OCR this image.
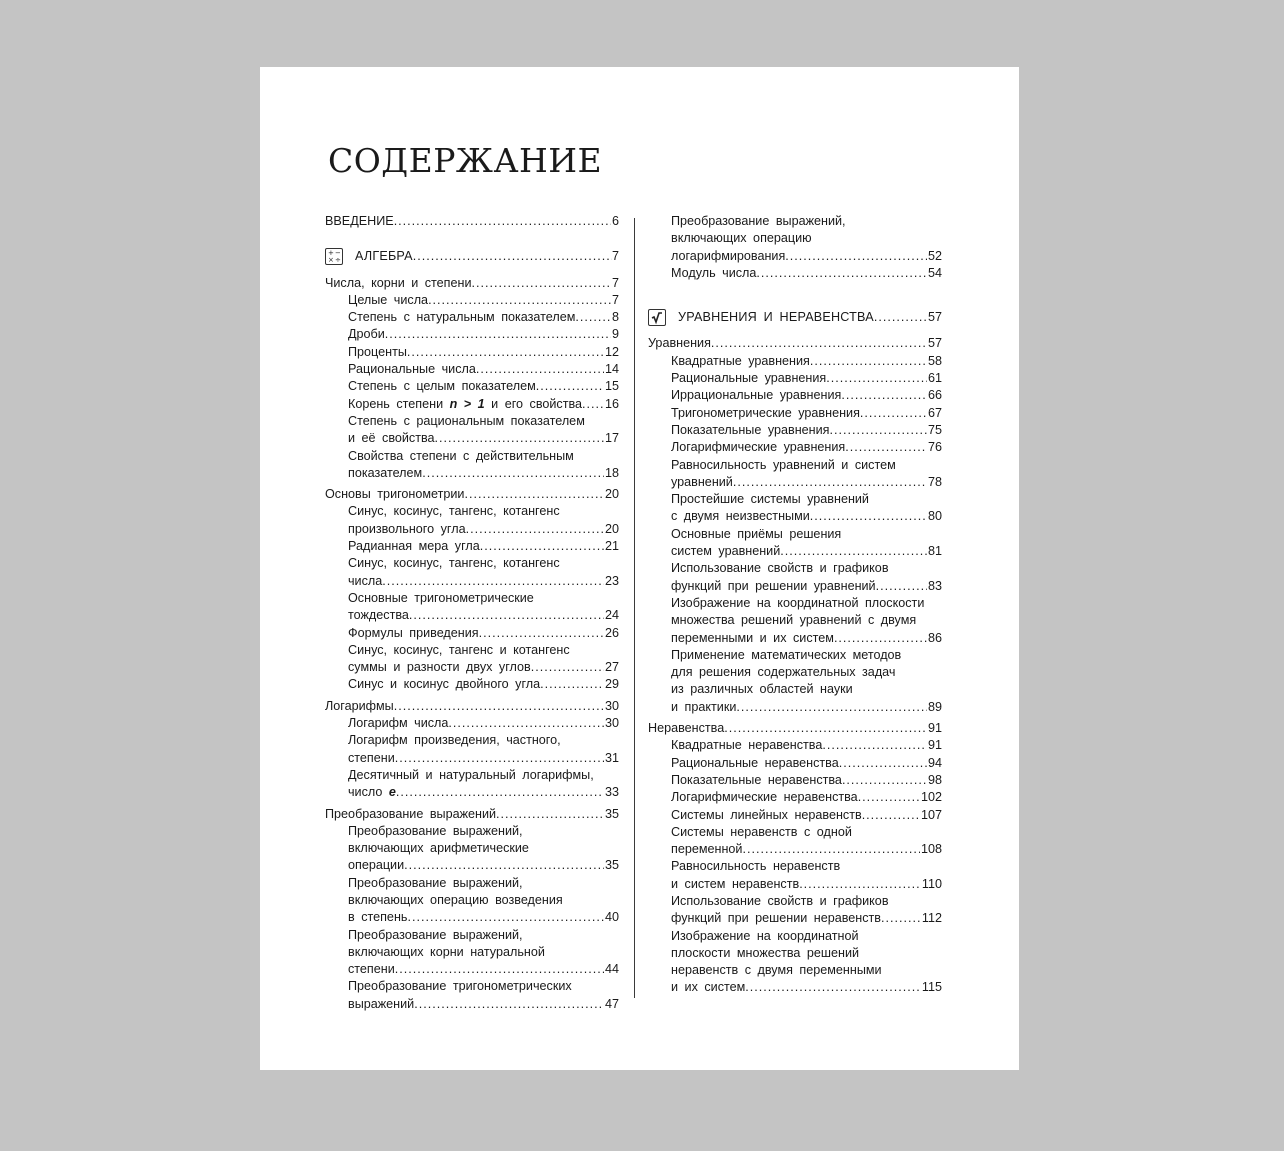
СОДЕРЖАНИЕ
ВВЕДЕНИЕ .....	6
+ −
× ÷ АЛГЕБРА .....	7
Числа, корни и степени .....	7
Целые числа .....	7
Степень с натуральным показателем .....	8
Дроби .....	9
Проценты .....	12
Рациональные числа .....	14
Степень с целым показателем .....	15
Корень степени n > 1 и его свойства ..... 16
Степень с рациональным показателем
и её свойства .....	17
Свойства степени с действительным
показателем .....	18
Основы тригонометрии .....	20
Синус, косинус, тангенс, котангенс
произвольного угла .....	20
Радианная мера угла .....	21
Синус, косинус, тангенс, котангенс
числа .....	23
Основные тригонометрические
тождества .....	24
Формулы приведения .....	26
Синус, косинус, тангенс и котангенс
суммы и разности двух углов .....	27
Синус и косинус двойного угла .....	29
Логарифмы .....	30
Логарифм числа .....	30
Логарифм произведения, частного,
степени .....	31
Десятичный и натуральный логарифмы,
число e .....	33
Преобразование выражений .....	35
Преобразование выражений,
включающих арифметические
операции .....	35
Преобразование выражений,
включающих операцию возведения
в степень .....	40
Преобразование выражений,
включающих корни натуральной
степени .....	44
Преобразование тригонометрических
выражений .....	47
Преобразование выражений,
включающих операцию
логарифмирования .....	52
Модуль числа .....	54
УРАВНЕНИЯ И НЕРАВЕНСТВА .....	57
Уравнения .....	57
Квадратные уравнения .....	58
Рациональные уравнения .....	61
Иррациональные уравнения .....	66
Тригонометрические уравнения .....	67
Показательные уравнения .....	75
Логарифмические уравнения .....	76
Равносильность уравнений и систем
уравнений .....	78
Простейшие системы уравнений
с двумя неизвестными .....	80
Основные приёмы решения
систем уравнений .....	81
Использование свойств и графиков
функций при решении уравнений .....	83
Изображение на координатной плоскости
множества решений уравнений с двумя
переменными и их систем .....	86
Применение математических методов
для решения содержательных задач
из различных областей науки
и практики .....	89
Неравенства .....	91
Квадратные неравенства .....	91
Рациональные неравенства .....	94
Показательные неравенства .....	98
Логарифмические неравенства .....	102
Системы линейных неравенств .....	107
Системы неравенств с одной
переменной .....	108
Равносильность неравенств
и систем неравенств .....	110
Использование свойств и графиков
функций при решении неравенств .....	112
Изображение на координатной
плоскости множества решений
неравенств с двумя переменными
и их систем .....	115
